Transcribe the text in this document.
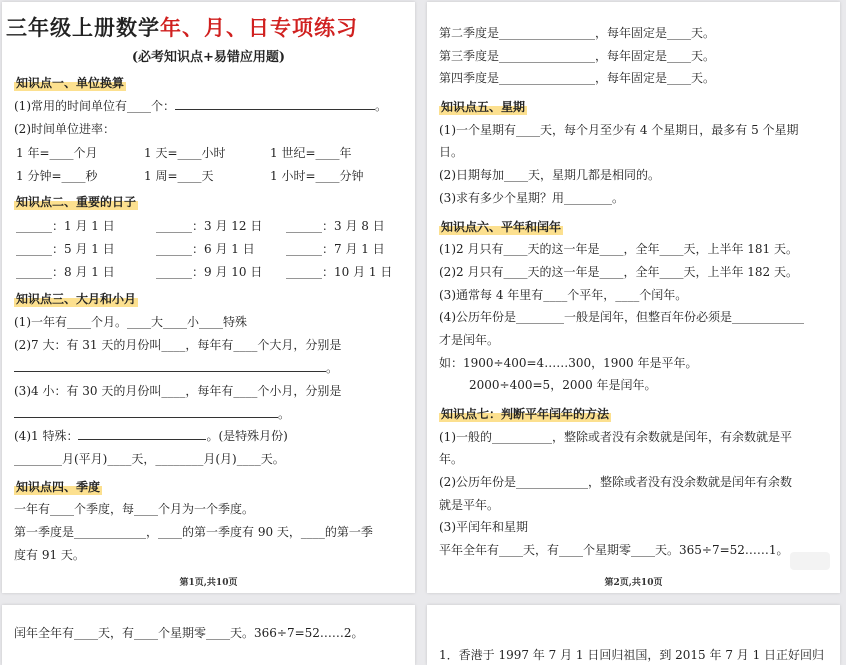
三年级上册数学年、月、日专项练习
(必考知识点+易错应用题)
知识点一、单位换算
(1)常用的时间单位有____个：	。
(2)时间单位进率：
1 年=____个月	1 天=____小时	1 世纪=____年
1 分钟=____秒	1 周=____天	1 小时=____分钟
知识点二、重要的日子
______：1 月 1 日	______：3 月 12 日 ______：3 月 8 日
______：5 月 1 日	______：6 月 1 日	______：7 月 1 日
______：8 月 1 日	______：9 月 10 日 ______：10 月 1 日
知识点三、大月和小月
(1)一年有____个月。____大____小____特殊
(2)7 大：有 31 天的月份叫____，每年有____个大月，分别是
。
(3)4 小：有 30 天的月份叫____，每年有____个小月，分别是
。
(4)1 特殊：	。(是特殊月份)
________月(平月)____天，________月(月)____天。
知识点四、季度
一年有____个季度，每____个月为一个季度。
第一季度是____________，____的第一季度有 90 天，____的第一季
度有 91 天。
第1页,共10页
第二季度是________________，每年固定是____天。
第三季度是________________，每年固定是____天。
第四季度是________________，每年固定是____天。
知识点五、星期
(1)一个星期有____天，每个月至少有 4 个星期日，最多有 5 个星期
日。
(2)日期每加____天，星期几都是相同的。
(3)求有多少个星期？用________。
知识点六、平年和闰年
(1)2 月只有____天的这一年是____，全年____天，上半年 181 天。
(2)2 月只有____天的这一年是____，全年____天，上半年 182 天。
(3)通常每 4 年里有____个平年，____个闰年。
(4)公历年份是________一般是闰年，但整百年份必须是____________
才是闰年。
如：1900÷400=4……300，1900 年是平年。
2000÷400=5，2000 年是闰年。
知识点七：判断平年闰年的方法
(1)一般的__________，整除或者没有余数就是闰年，有余数就是平
年。
(2)公历年份是____________，整除或者没有没余数就是闰年有余数
就是平年。
(3)平闰年和星期
平年全年有____天，有____个星期零____天。365÷7=52……1。
第2页,共10页
闰年全年有____天，有____个星期零____天。366÷7=52……2。
1．香港于 1997 年 7 月 1 日回归祖国，到 2015 年 7 月 1 日正好回归
